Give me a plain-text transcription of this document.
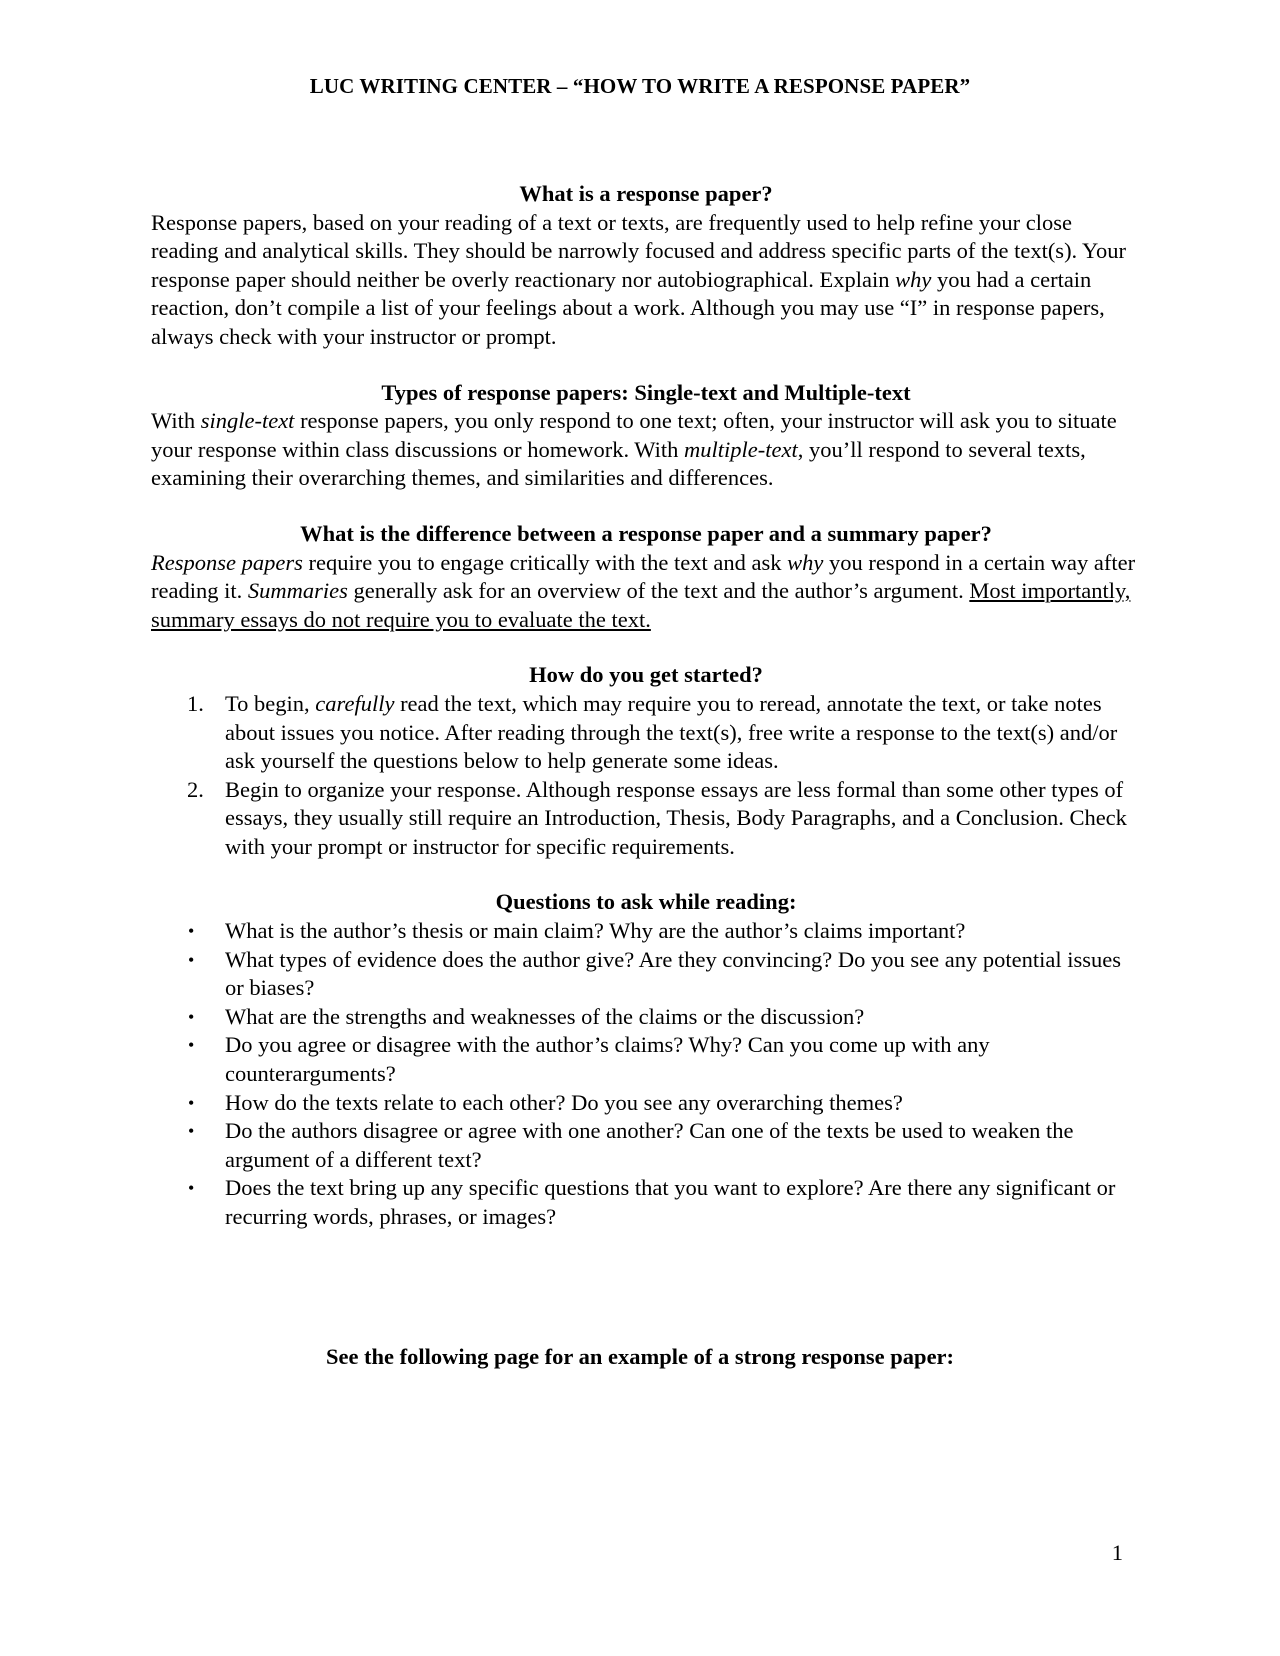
LUC WRITING CENTER – “HOW TO WRITE A RESPONSE PAPER”

What is a response paper?

Response papers, based on your reading of a text or texts, are frequently used to help refine your close reading and analytical skills. They should be narrowly focused and address specific parts of the text(s). Your response paper should neither be overly reactionary nor autobiographical. Explain why you had a certain reaction, don’t compile a list of your feelings about a work. Although you may use “I” in response papers, always check with your instructor or prompt.

Types of response papers: Single-text and Multiple-text

With single-text response papers, you only respond to one text; often, your instructor will ask you to situate your response within class discussions or homework. With multiple-text, you’ll respond to several texts, examining their overarching themes, and similarities and differences.

What is the difference between a response paper and a summary paper?

Response papers require you to engage critically with the text and ask why you respond in a certain way after reading it. Summaries generally ask for an overview of the text and the author’s argument. Most importantly, summary essays do not require you to evaluate the text.

How do you get started?

1. To begin, carefully read the text, which may require you to reread, annotate the text, or take notes about issues you notice. After reading through the text(s), free write a response to the text(s) and/or ask yourself the questions below to help generate some ideas.
2. Begin to organize your response. Although response essays are less formal than some other types of essays, they usually still require an Introduction, Thesis, Body Paragraphs, and a Conclusion. Check with your prompt or instructor for specific requirements.

Questions to ask while reading:

• What is the author’s thesis or main claim? Why are the author’s claims important?
• What types of evidence does the author give? Are they convincing? Do you see any potential issues or biases?
• What are the strengths and weaknesses of the claims or the discussion?
• Do you agree or disagree with the author’s claims? Why? Can you come up with any counterarguments?
• How do the texts relate to each other? Do you see any overarching themes?
• Do the authors disagree or agree with one another? Can one of the texts be used to weaken the argument of a different text?
• Does the text bring up any specific questions that you want to explore? Are there any significant or recurring words, phrases, or images?

See the following page for an example of a strong response paper:

1
